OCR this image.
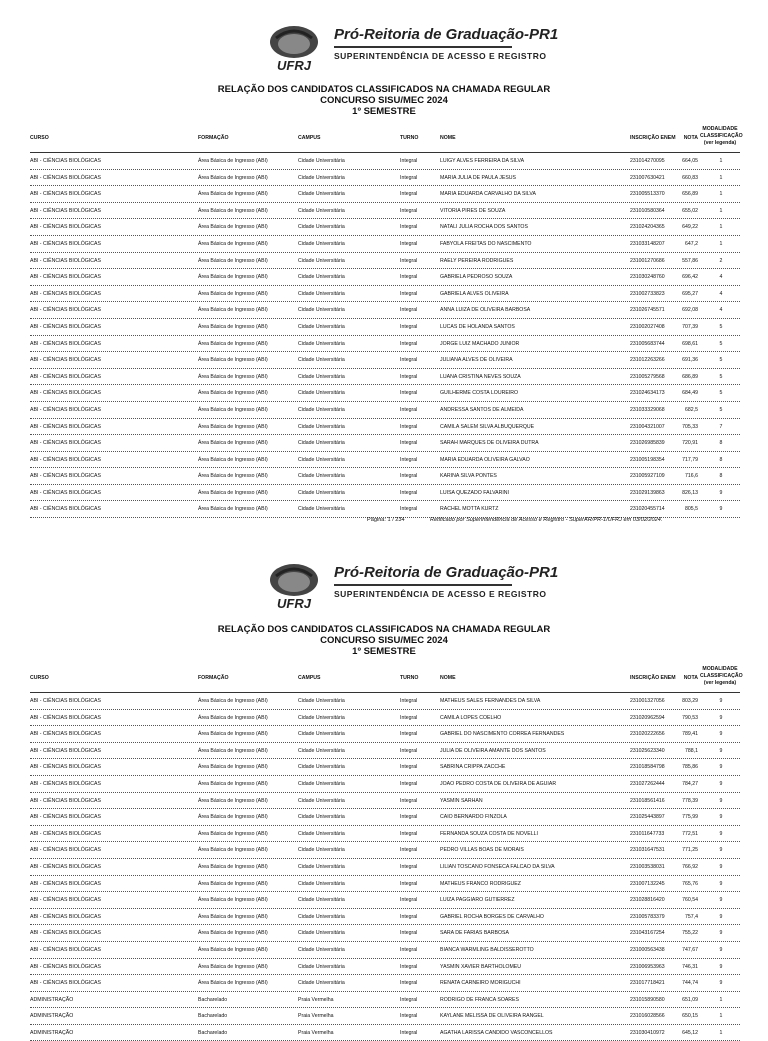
UFRJ
Pró-Reitoria de Graduação-PR1
SUPERINTENDÊNCIA DE ACESSO E REGISTRO
RELAÇÃO DOS CANDIDATOS CLASSIFICADOS NA CHAMADA REGULAR
CONCURSO SISU/MEC 2024
1º SEMESTRE
CURSO	FORMAÇÃO	CAMPUS	TURNO	NOME	INSCRIÇÃO ENEM	NOTA
MODALIDADE
CLASSIFICAÇÃO
(ver legenda)
ABI - CIÊNCIAS BIOLÓGICAS	Área Básica de Ingresso (ABI)	Cidade Universitária	Integral	LUIGY ALVES FERREIRA DA SILVA	231014270095	664,05	1
ABI - CIÊNCIAS BIOLÓGICAS	Área Básica de Ingresso (ABI)	Cidade Universitária	Integral	MARIA JULIA DE PAULA JESUS	231007630421	660,83	1
ABI - CIÊNCIAS BIOLÓGICAS	Área Básica de Ingresso (ABI)	Cidade Universitária	Integral	MARIA EDUARDA CARVALHO DA SILVA	231005513370	656,89	1
ABI - CIÊNCIAS BIOLÓGICAS	Área Básica de Ingresso (ABI)	Cidade Universitária	Integral	VITORIA PIRES DE SOUZA	231010580364	655,02	1
ABI - CIÊNCIAS BIOLÓGICAS	Área Básica de Ingresso (ABI)	Cidade Universitária	Integral	NATALI JULIA ROCHA DOS SANTOS	231024204365	649,22	1
ABI - CIÊNCIAS BIOLÓGICAS	Área Básica de Ingresso (ABI)	Cidade Universitária	Integral	FABYOLA FREITAS DO NASCIMENTO	231033148207	647,2	1
ABI - CIÊNCIAS BIOLÓGICAS	Área Básica de Ingresso (ABI)	Cidade Universitária	Integral	RAELY PEREIRA RODRIGUES	231001270686	557,86	2
ABI - CIÊNCIAS BIOLÓGICAS	Área Básica de Ingresso (ABI)	Cidade Universitária	Integral	GABRIELA PEDROSO SOUZA	231030248760	696,42	4
ABI - CIÊNCIAS BIOLÓGICAS	Área Básica de Ingresso (ABI)	Cidade Universitária	Integral	GABRIELA ALVES OLIVEIRA	231002733823	695,27	4
ABI - CIÊNCIAS BIOLÓGICAS	Área Básica de Ingresso (ABI)	Cidade Universitária	Integral	ANNA LUIZA DE OLIVEIRA BARBOSA	231026745571	692,08	4
ABI - CIÊNCIAS BIOLÓGICAS	Área Básica de Ingresso (ABI)	Cidade Universitária	Integral	LUCAS DE HOLANDA SANTOS	231002027408	707,39	5
ABI - CIÊNCIAS BIOLÓGICAS	Área Básica de Ingresso (ABI)	Cidade Universitária	Integral	JORGE LUIZ MACHADO JUNIOR	231005683744	698,61	5
ABI - CIÊNCIAS BIOLÓGICAS	Área Básica de Ingresso (ABI)	Cidade Universitária	Integral	JULIANA ALVES DE OLIVEIRA	231012263266	691,36	5
ABI - CIÊNCIAS BIOLÓGICAS	Área Básica de Ingresso (ABI)	Cidade Universitária	Integral	LUANA CRISTINA NEVES SOUZA	231005279568	686,89	5
ABI - CIÊNCIAS BIOLÓGICAS	Área Básica de Ingresso (ABI)	Cidade Universitária	Integral	GUILHERME COSTA LOUREIRO	231024634173	684,49	5
ABI - CIÊNCIAS BIOLÓGICAS	Área Básica de Ingresso (ABI)	Cidade Universitária	Integral	ANDRESSA SANTOS DE ALMEIDA	231033329068	682,5	5
ABI - CIÊNCIAS BIOLÓGICAS	Área Básica de Ingresso (ABI)	Cidade Universitária	Integral	CAMILA SALEM SILVA ALBUQUERQUE	231004321007	705,33	7
ABI - CIÊNCIAS BIOLÓGICAS	Área Básica de Ingresso (ABI)	Cidade Universitária	Integral	SARAH MARQUES DE OLIVEIRA DUTRA	231026985839	720,91	8
ABI - CIÊNCIAS BIOLÓGICAS	Área Básica de Ingresso (ABI)	Cidade Universitária	Integral	MARIA EDUARDA OLIVEIRA GALVAO	231005198354	717,79	8
ABI - CIÊNCIAS BIOLÓGICAS	Área Básica de Ingresso (ABI)	Cidade Universitária	Integral	KARINA SILVA PONTES	231005927109	716,6	8
ABI - CIÊNCIAS BIOLÓGICAS	Área Básica de Ingresso (ABI)	Cidade Universitária	Integral	LUISA QUEZADO FALVARINI	231029139863	826,13	9
ABI - CIÊNCIAS BIOLÓGICAS	Área Básica de Ingresso (ABI)	Cidade Universitária	Integral	RACHEL MOTTA KURTZ	231020455714	805,5	9
Página: 1 / 234	Retificado por Superintendência de Acesso e Registro - SuperAR/PR-1/UFRJ em 03/02/2024.
UFRJ
Pró-Reitoria de Graduação-PR1
SUPERINTENDÊNCIA DE ACESSO E REGISTRO
RELAÇÃO DOS CANDIDATOS CLASSIFICADOS NA CHAMADA REGULAR
CONCURSO SISU/MEC 2024
1º SEMESTRE
CURSO	FORMAÇÃO	CAMPUS	TURNO	NOME	INSCRIÇÃO ENEM	NOTA
MODALIDADE
CLASSIFICAÇÃO
(ver legenda)
ABI - CIÊNCIAS BIOLÓGICAS	Área Básica de Ingresso (ABI)	Cidade Universitária	Integral	MATHEUS SALES FERNANDES DA SILVA	231001327056	803,29	9
ABI - CIÊNCIAS BIOLÓGICAS	Área Básica de Ingresso (ABI)	Cidade Universitária	Integral	CAMILA LOPES COELHO	231020962594	790,53	9
ABI - CIÊNCIAS BIOLÓGICAS	Área Básica de Ingresso (ABI)	Cidade Universitária	Integral	GABRIEL DO NASCIMENTO CORREA FERNANDES	231020222656	789,41	9
ABI - CIÊNCIAS BIOLÓGICAS	Área Básica de Ingresso (ABI)	Cidade Universitária	Integral	JULIA DE OLIVEIRA AMANTE DOS SANTOS	231025623340	788,1	9
ABI - CIÊNCIAS BIOLÓGICAS	Área Básica de Ingresso (ABI)	Cidade Universitária	Integral	SABRINA CRIPPA ZACCHE	231018584798	785,86	9
ABI - CIÊNCIAS BIOLÓGICAS	Área Básica de Ingresso (ABI)	Cidade Universitária	Integral	JOAO PEDRO COSTA DE OLIVEIRA DE AGUIAR	231027262444	784,27	9
ABI - CIÊNCIAS BIOLÓGICAS	Área Básica de Ingresso (ABI)	Cidade Universitária	Integral	YASMIN SARHAN	231018561416	778,39	9
ABI - CIÊNCIAS BIOLÓGICAS	Área Básica de Ingresso (ABI)	Cidade Universitária	Integral	CAIO BERNARDO FINZOLA	231025443897	775,99	9
ABI - CIÊNCIAS BIOLÓGICAS	Área Básica de Ingresso (ABI)	Cidade Universitária	Integral	FERNANDA SOUZA COSTA DE NOVELLI	231011647733	772,51	9
ABI - CIÊNCIAS BIOLÓGICAS	Área Básica de Ingresso (ABI)	Cidade Universitária	Integral	PEDRO VILLAS BOAS DE MORAIS	231031647531	771,25	9
ABI - CIÊNCIAS BIOLÓGICAS	Área Básica de Ingresso (ABI)	Cidade Universitária	Integral	LILIAN TOSCANO FONSECA FALCAO DA SILVA	231003538031	766,92	9
ABI - CIÊNCIAS BIOLÓGICAS	Área Básica de Ingresso (ABI)	Cidade Universitária	Integral	MATHEUS FRANCO RODRIGUEZ	231007132245	765,76	9
ABI - CIÊNCIAS BIOLÓGICAS	Área Básica de Ingresso (ABI)	Cidade Universitária	Integral	LUIZA PAGGIARO GUTIERREZ	231028816420	760,54	9
ABI - CIÊNCIAS BIOLÓGICAS	Área Básica de Ingresso (ABI)	Cidade Universitária	Integral	GABRIEL ROCHA BORGES DE CARVALHO	231005783379	757,4	9
ABI - CIÊNCIAS BIOLÓGICAS	Área Básica de Ingresso (ABI)	Cidade Universitária	Integral	SARA DE FARIAS BARBOSA	231043167254	755,22	9
ABI - CIÊNCIAS BIOLÓGICAS	Área Básica de Ingresso (ABI)	Cidade Universitária	Integral	BIANCA WARMLING BALDISSEROTTO	231000563438	747,67	9
ABI - CIÊNCIAS BIOLÓGICAS	Área Básica de Ingresso (ABI)	Cidade Universitária	Integral	YASMIN XAVIER BARTHOLOMEU	231006953963	746,31	9
ABI - CIÊNCIAS BIOLÓGICAS	Área Básica de Ingresso (ABI)	Cidade Universitária	Integral	RENATA CARNEIRO MORIGUCHI	231017718421	744,74	9
ADMINISTRAÇÃO	Bacharelado	Praia Vermelha	Integral	RODRIGO DE FRANCA SOARES	231015890580	651,09	1
ADMINISTRAÇÃO	Bacharelado	Praia Vermelha	Integral	KAYLANE MELISSA DE OLIVEIRA RANGEL	231016028566	650,15	1
ADMINISTRAÇÃO	Bacharelado	Praia Vermelha	Integral	AGATHA LARISSA CANDIDO VASCONCELLOS	231030410972	645,12	1
